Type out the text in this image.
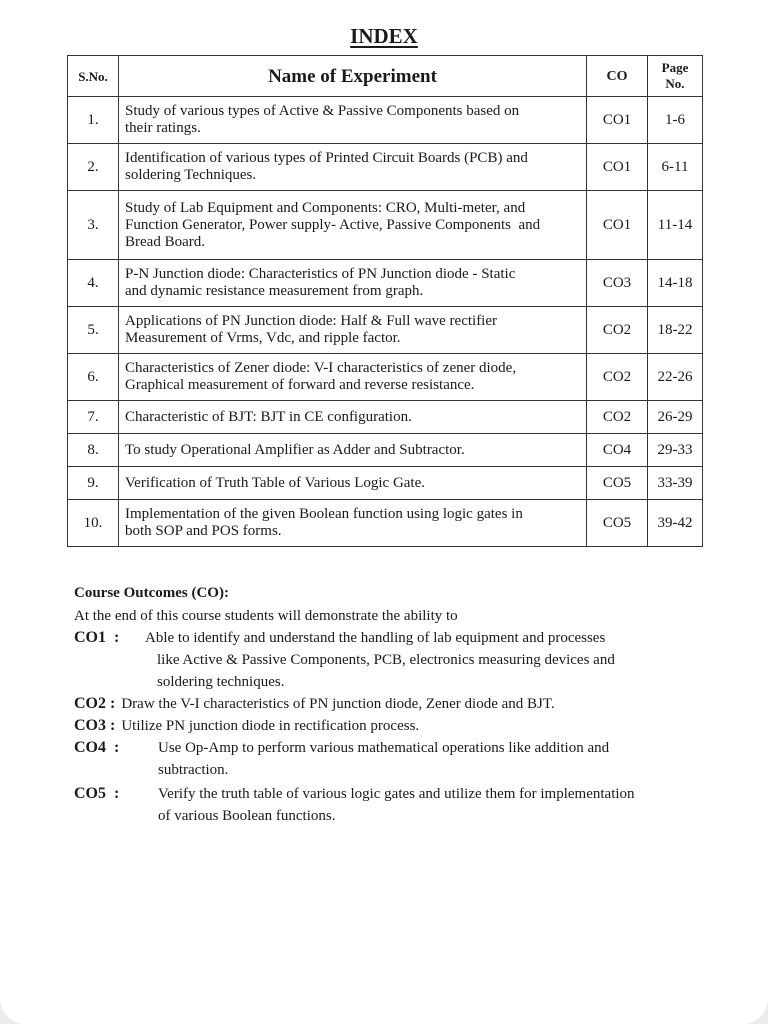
INDEX
S.No.	Name of Experiment	CO	Page
No.
1.	Study of various types of Active & Passive Components based on
their ratings.	CO1	1-6
2.	Identification of various types of Printed Circuit Boards (PCB) and
soldering Techniques.	CO1	6-11
3.	Study of Lab Equipment and Components: CRO, Multi-meter, and
Function Generator, Power supply- Active, Passive Components  and
Bread Board.	CO1	11-14
4.	P-N Junction diode: Characteristics of PN Junction diode - Static
and dynamic resistance measurement from graph.	CO3	14-18
5.	Applications of PN Junction diode: Half & Full wave rectifier
Measurement of Vrms, Vdc, and ripple factor.	CO2	18-22
6.	Characteristics of Zener diode: V-I characteristics of zener diode,
Graphical measurement of forward and reverse resistance.	CO2	22-26
7.	Characteristic of BJT: BJT in CE configuration.	CO2	26-29
8.	To study Operational Amplifier as Adder and Subtractor.	CO4	29-33
9.	Verification of Truth Table of Various Logic Gate.	CO5	33-39
10.	Implementation of the given Boolean function using logic gates in
both SOP and POS forms.	CO5	39-42

Course Outcomes (CO):

At the end of this course students will demonstrate the ability to

CO1  :	Able to identify and understand the handling of lab equipment and processes
like Active & Passive Components, PCB, electronics measuring devices and
soldering techniques.
CO2 : Draw the V-I characteristics of PN junction diode, Zener diode and BJT.
CO3 : Utilize PN junction diode in rectification process.
CO4  :	Use Op-Amp to perform various mathematical operations like addition and
subtraction.
CO5  :	Verify the truth table of various logic gates and utilize them for implementation
of various Boolean functions.
